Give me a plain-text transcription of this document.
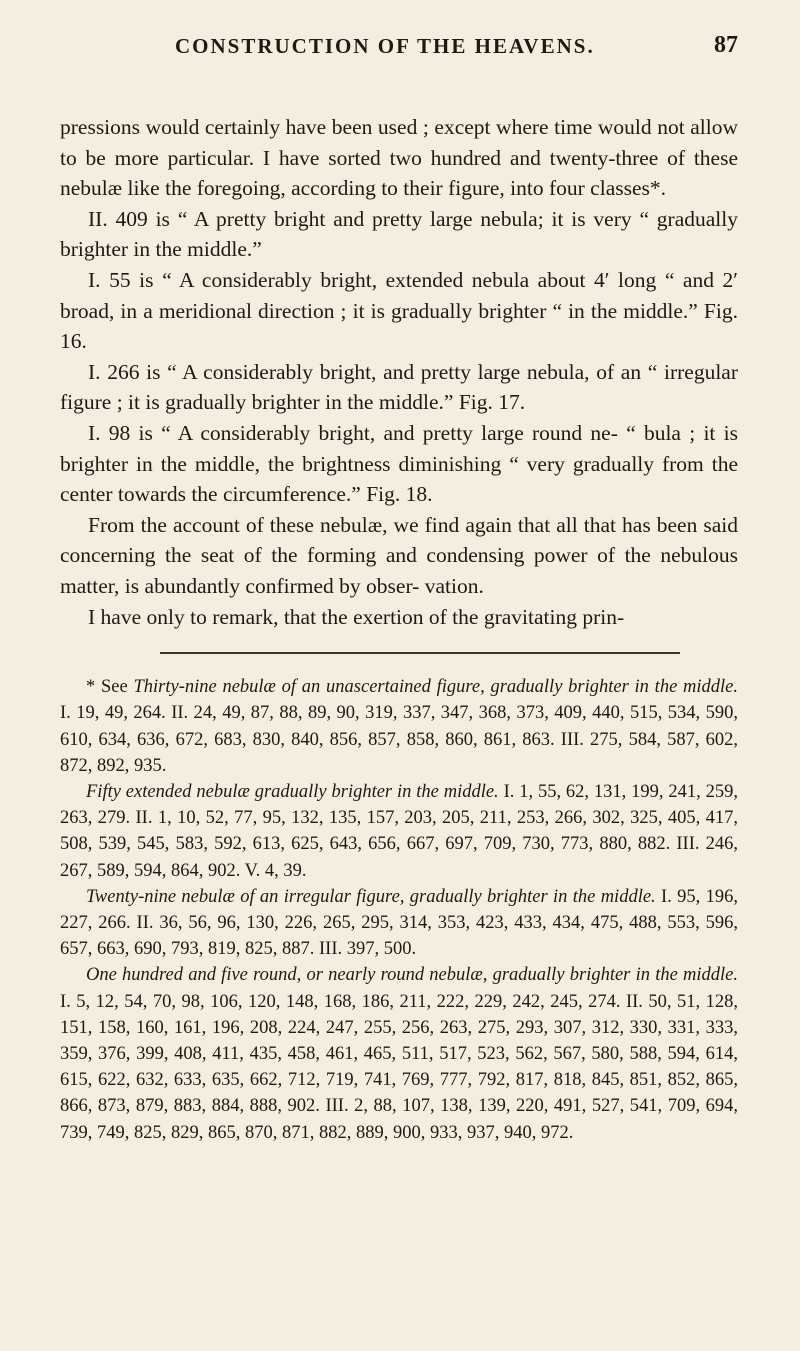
CONSTRUCTION OF THE HEAVENS.	87

pressions would certainly have been used ; except where time would not allow to be more particular. I have sorted two hundred and twenty-three of these nebulæ like the foregoing, according to their figure, into four classes*.

II. 409 is “ A pretty bright and pretty large nebula; it is very “ gradually brighter in the middle.”

I. 55 is “ A considerably bright, extended nebula about 4′ long “ and 2′ broad, in a meridional direction ; it is gradually brighter “ in the middle.” Fig. 16.

I. 266 is “ A considerably bright, and pretty large nebula, of an “ irregular figure ; it is gradually brighter in the middle.” Fig. 17.

I. 98 is “ A considerably bright, and pretty large round ne- “ bula ; it is brighter in the middle, the brightness diminishing “ very gradually from the center towards the circumference.” Fig. 18.

From the account of these nebulæ, we find again that all that has been said concerning the seat of the forming and condensing power of the nebulous matter, is abundantly confirmed by obser- vation.

I have only to remark, that the exertion of the gravitating prin-

* See Thirty-nine nebulæ of an unascertained figure, gradually brighter in the middle. I. 19, 49, 264. II. 24, 49, 87, 88, 89, 90, 319, 337, 347, 368, 373, 409, 440, 515, 534, 590, 610, 634, 636, 672, 683, 830, 840, 856, 857, 858, 860, 861, 863. III. 275, 584, 587, 602, 872, 892, 935.

Fifty extended nebulæ gradually brighter in the middle. I. 1, 55, 62, 131, 199, 241, 259, 263, 279. II. 1, 10, 52, 77, 95, 132, 135, 157, 203, 205, 211, 253, 266, 302, 325, 405, 417, 508, 539, 545, 583, 592, 613, 625, 643, 656, 667, 697, 709, 730, 773, 880, 882. III. 246, 267, 589, 594, 864, 902. V. 4, 39.

Twenty-nine nebulæ of an irregular figure, gradually brighter in the middle. I. 95, 196, 227, 266. II. 36, 56, 96, 130, 226, 265, 295, 314, 353, 423, 433, 434, 475, 488, 553, 596, 657, 663, 690, 793, 819, 825, 887. III. 397, 500.

One hundred and five round, or nearly round nebulæ, gradually brighter in the middle. I. 5, 12, 54, 70, 98, 106, 120, 148, 168, 186, 211, 222, 229, 242, 245, 274. II. 50, 51, 128, 151, 158, 160, 161, 196, 208, 224, 247, 255, 256, 263, 275, 293, 307, 312, 330, 331, 333, 359, 376, 399, 408, 411, 435, 458, 461, 465, 511, 517, 523, 562, 567, 580, 588, 594, 614, 615, 622, 632, 633, 635, 662, 712, 719, 741, 769, 777, 792, 817, 818, 845, 851, 852, 865, 866, 873, 879, 883, 884, 888, 902. III. 2, 88, 107, 138, 139, 220, 491, 527, 541, 709, 694, 739, 749, 825, 829, 865, 870, 871, 882, 889, 900, 933, 937, 940, 972.
